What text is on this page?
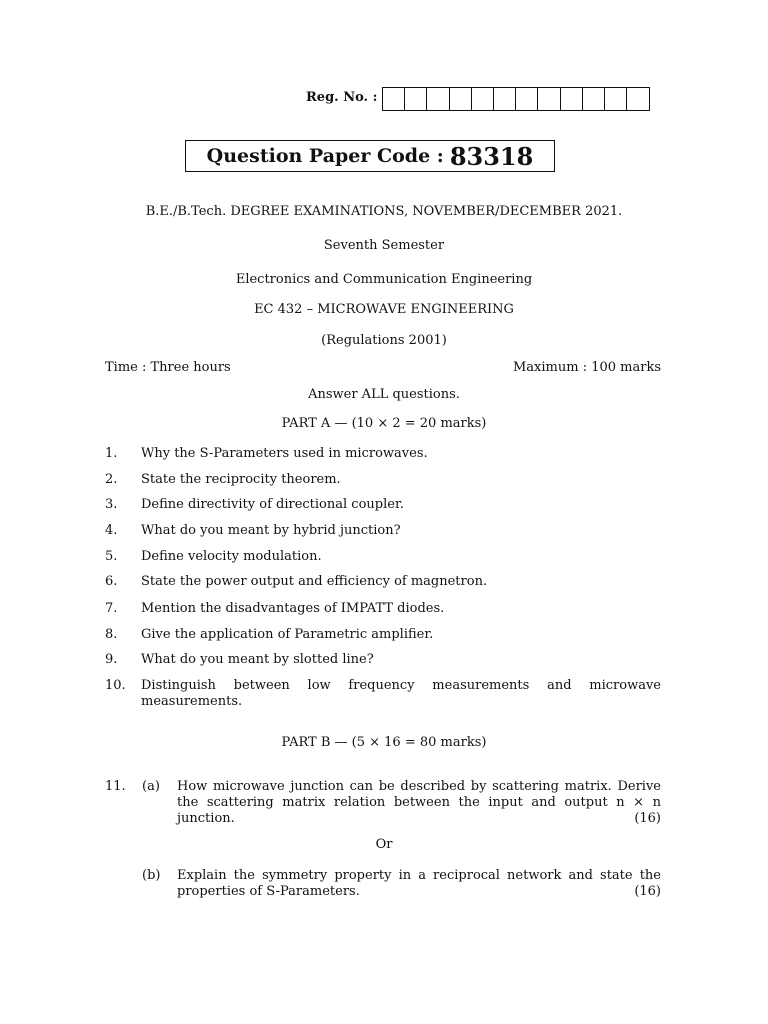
Reg. No. :
Question Paper Code : 83318
B.E./B.Tech. DEGREE EXAMINATIONS, NOVEMBER/DECEMBER 2021.
Seventh Semester
Electronics and Communication Engineering
EC 432 – MICROWAVE ENGINEERING
(Regulations 2001)
Time : Three hours	Maximum : 100 marks
Answer ALL questions.
PART A — (10 × 2 = 20 marks)
1. Why the S-Parameters used in microwaves.
2. State the reciprocity theorem.
3. Define directivity of directional coupler.
4. What do you meant by hybrid junction?
5. Define velocity modulation.
6. State the power output and efficiency of magnetron.
7. Mention the disadvantages of IMPATT diodes.
8. Give the application of Parametric amplifier.
9. What do you meant by slotted line?
10. Distinguish between low frequency measurements and microwave
measurements.
PART B — (5 × 16 = 80 marks)
11. (a) How microwave junction can be described by scattering matrix. Derive
the scattering matrix relation between the input and output n × n
junction.	(16)
Or
(b) Explain the symmetry property in a reciprocal network and state the
properties of S-Parameters.	(16)
